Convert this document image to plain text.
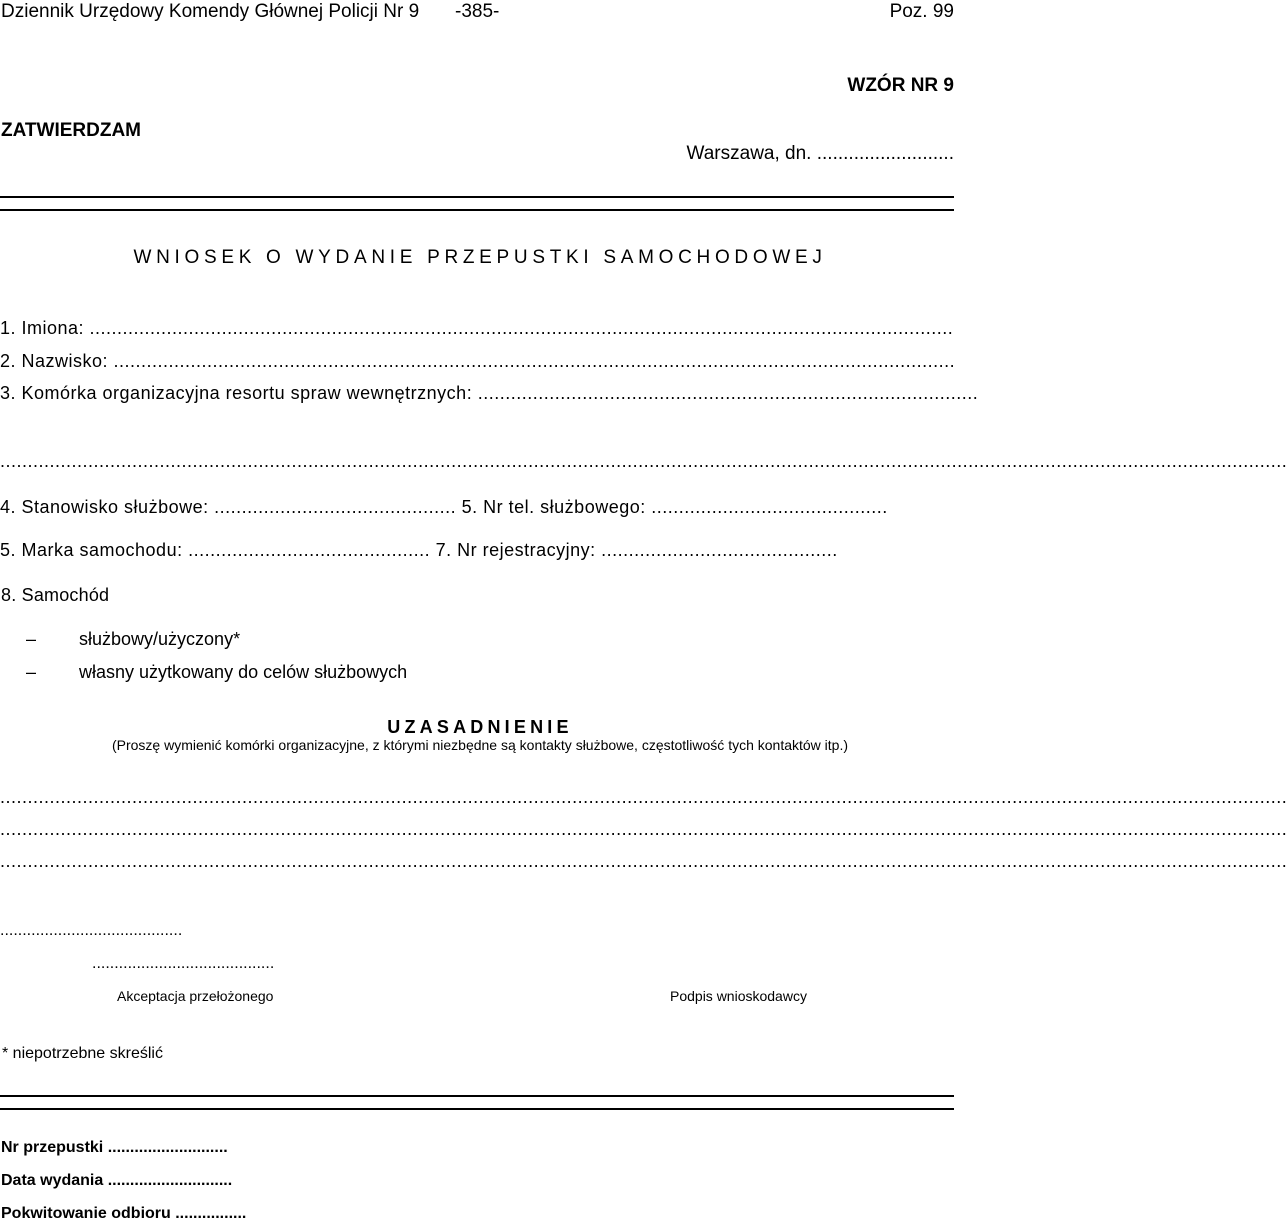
Dziennik Urzędowy Komendy Głównej Policji Nr 9 -385-	Poz. 99
WZÓR NR 9
ZATWIERDZAM
Warszawa, dn. ..........................
WNIOSEK O WYDANIE PRZEPUSTKI SAMOCHODOWEJ
1. Imiona: .............................................................................................................................................................
2. Nazwisko: .........................................................................................................................................................
3. Komórka organizacyjna resortu spraw wewnętrznych: ...........................................................................................
..........................................................................................................................................................................................................................................
4. Stanowisko służbowe: ............................................ 5. Nr tel. służbowego: ...........................................
5. Marka samochodu: ............................................ 7. Nr rejestracyjny: ...........................................
8. Samochód
– służbowy/użyczony*
– własny użytkowany do celów służbowych
UZASADNIENIE
(Proszę wymienić komórki organizacyjne, z którymi niezbędne są kontakty służbowe, częstotliwość tych kontaktów itp.)
..........................................................................................................................................................................................................................................
..........................................................................................................................................................................................................................................
..........................................................................................................................................................................................................................................
.........................................
Akceptacja przełożonego
.........................................
Podpis wnioskodawcy
* niepotrzebne skreślić
Nr przepustki ...........................
Data wydania ............................
Pokwitowanie odbioru ................
